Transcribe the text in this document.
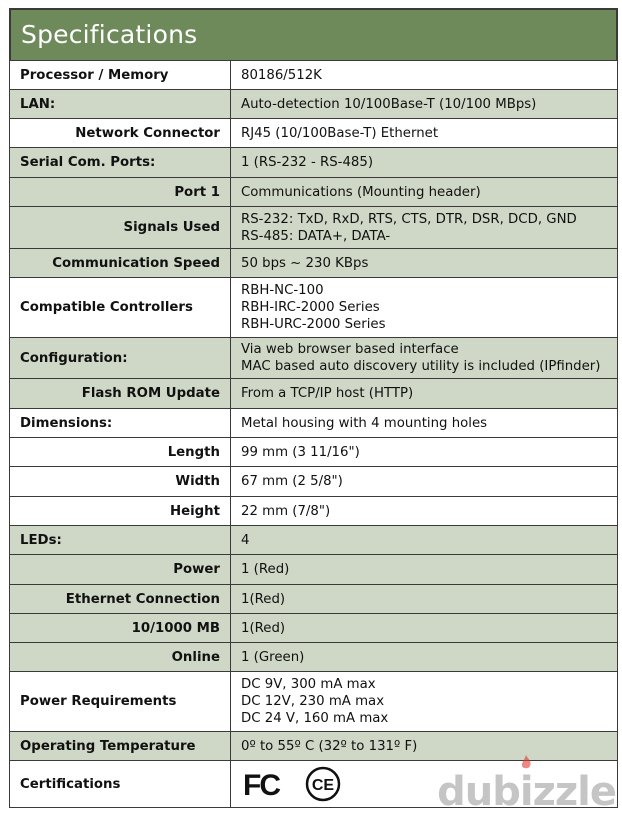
Specifications
Processor / Memory	80186/512K

LAN:	Auto-detection 10/100Base-T (10/100 MBps)

Network Connector	RJ45 (10/100Base-T) Ethernet

Serial Com. Ports:	1 (RS-232 - RS-485)

Port 1	Communications (Mounting header)

Signals Used	RS-232: TxD, RxD, RTS, CTS, DTR, DSR, DCD, GND
RS-485: DATA+, DATA-

Communication Speed	50 bps ~ 230 KBps

Compatible Controllers	RBH-NC-100
RBH-IRC-2000 Series
RBH-URC-2000 Series

Configuration:	Via web browser based interface
MAC based auto discovery utility is included (IPfinder)

Flash ROM Update	From a TCP/IP host (HTTP)

Dimensions:	Metal housing with 4 mounting holes

Length	99 mm (3 11/16")

Width	67 mm (2 5/8")

Height	22 mm (7/8")

LEDs:	4

Power	1 (Red)

Ethernet Connection	1(Red)

10/1000 MB	1(Red)

Online	1 (Green)

Power Requirements	DC 9V, 300 mA max
DC 12V, 230 mA max
DC 24 V, 160 mA max

Operating Temperature	0º to 55º C (32º to 131º F)

Certifications	FC CE	dubizzle
